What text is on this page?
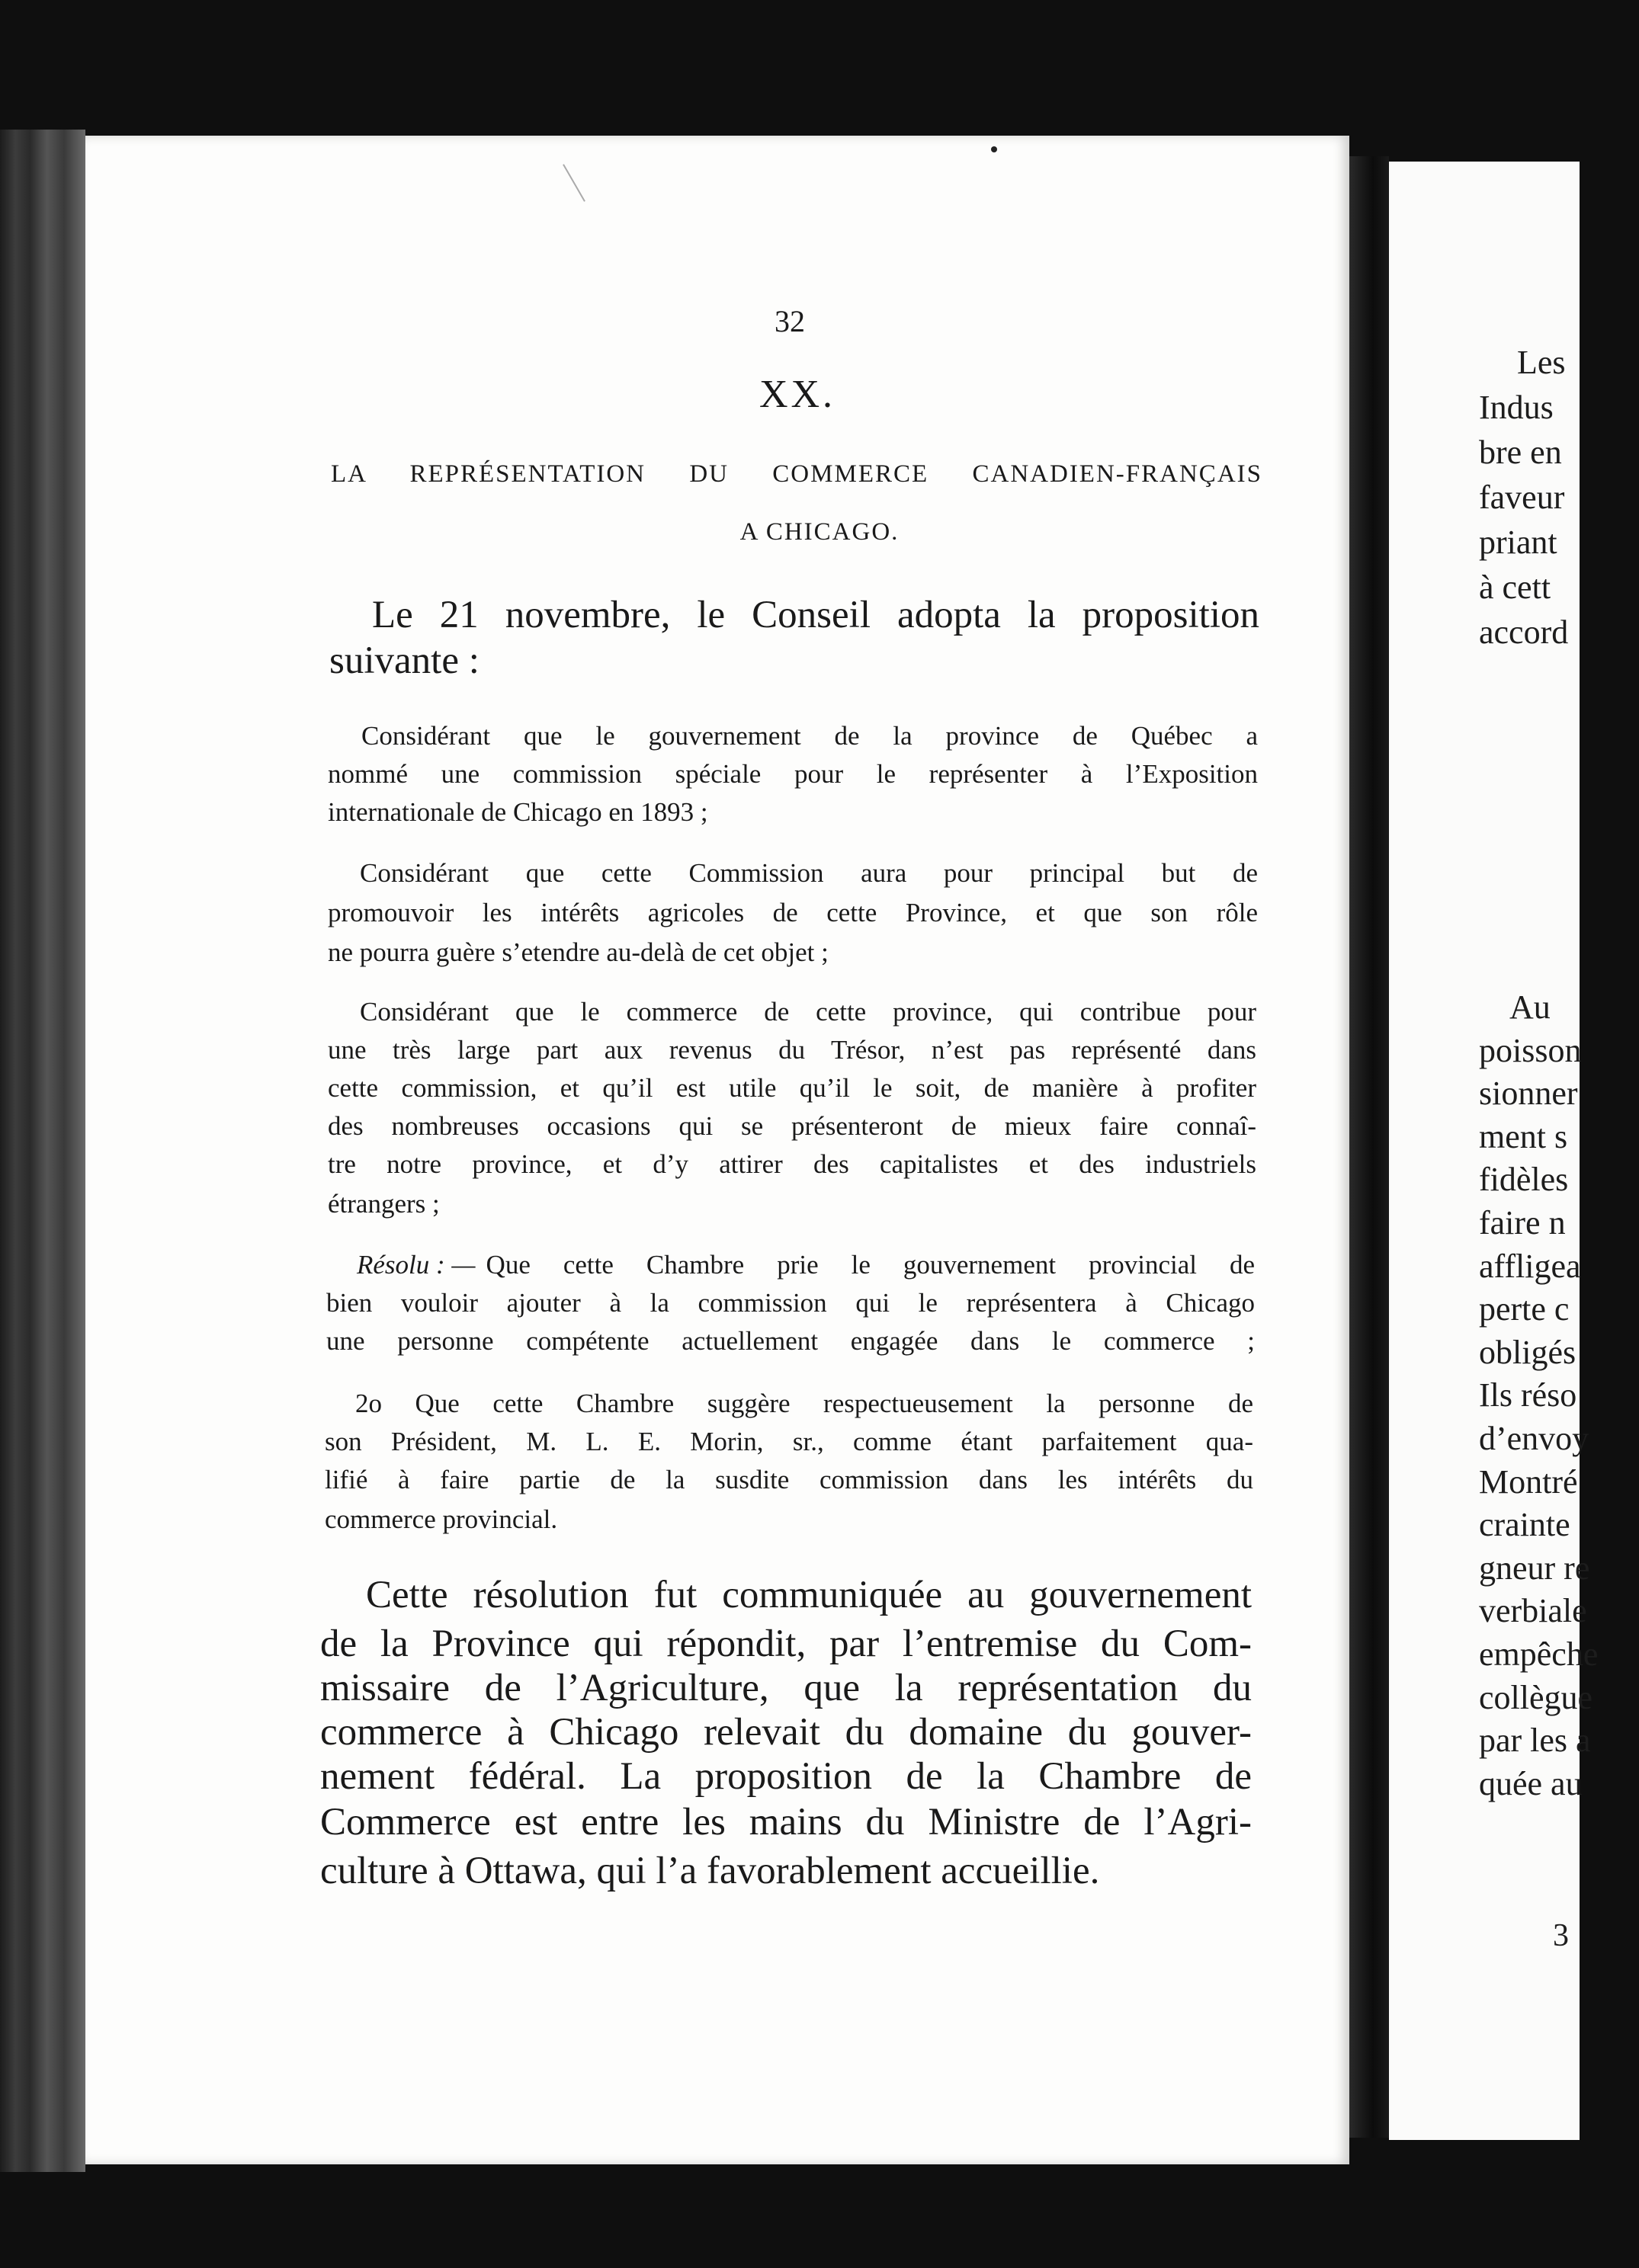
Les
Indus
bre en
faveur
priant
à cett
accord
Au
poisson
sionner
ment s
fidèles
faire n
affligea
perte c
obligés
Ils réso
d’envoy
Montré
crainte
gneur re
verbiale
empêche
collègue
par les a
quée au
32
XX.
LA REPRÉSENTATION DU COMMERCE CANADIEN-FRANÇAIS
A CHICAGO.
Le 21 novembre, le Conseil adopta la proposition
suivante :
Considérant que le gouvernement de la province de Québec a
nommé une commission spéciale pour le représenter à l’Exposition
internationale de Chicago en 1893 ;
Considérant que cette Commission aura pour principal but de
promouvoir les intérêts agricoles de cette Province, et que son rôle
ne pourra guère s’etendre au-delà de cet objet ;
Considérant que le commerce de cette province, qui contribue pour
une très large part aux revenus du Trésor, n’est pas représenté dans
cette commission, et qu’il est utile qu’il le soit, de manière à profiter
des nombreuses occasions qui se présenteront de mieux faire connaî-
tre notre province, et d’y attirer des capitalistes et des industriels
étrangers ;
Résolu : — Que cette Chambre prie le gouvernement provincial de
bien vouloir ajouter à la commission qui le représentera à Chicago
une personne compétente actuellement engagée dans le commerce ;
2o Que cette Chambre suggère respectueusement la personne de
son Président, M. L. E. Morin, sr., comme étant parfaitement qua-
lifié à faire partie de la susdite commission dans les intérêts du
commerce provincial.
Cette résolution fut communiquée au gouvernement
de la Province qui répondit, par l’entremise du Com-
missaire de l’Agriculture, que la représentation du
commerce à Chicago relevait du domaine du gouver-
nement fédéral. La proposition de la Chambre de
Commerce est entre les mains du Ministre de l’Agri-
culture à Ottawa, qui l’a favorablement accueillie.
3
